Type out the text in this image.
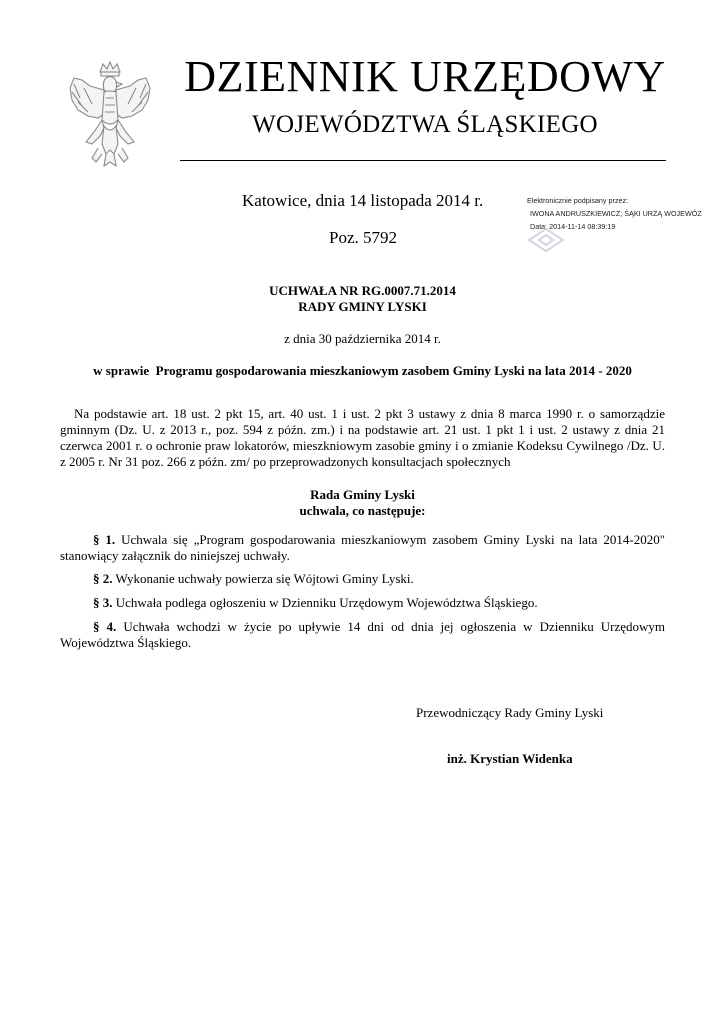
DZIENNIK URZĘDOWY
WOJEWÓDZTWA ŚLĄSKIEGO
Katowice, dnia 14 listopada 2014 r.
Poz. 5792
Elektronicznie podpisany przez:
IWONA ANDRUSZKIEWICZ; ŚĄKI URZĄ WOJEWÓZ
Data: 2014-11-14 08:39:19
UCHWAŁA NR RG.0007.71.2014
RADY GMINY LYSKI
z dnia 30 października 2014 r.
w sprawie  Programu gospodarowania mieszkaniowym zasobem Gminy Lyski na lata 2014 - 2020
Na podstawie art. 18 ust. 2 pkt 15, art. 40 ust. 1 i ust. 2 pkt 3 ustawy z dnia 8 marca 1990 r. o samorządzie gminnym (Dz. U. z 2013 r., poz. 594 z późn. zm.) i na podstawie art. 21 ust. 1 pkt 1 i ust. 2 ustawy z dnia 21 czerwca 2001 r. o ochronie praw lokatorów, mieszkniowym zasobie gminy i o zmianie Kodeksu Cywilnego /Dz. U. z 2005 r. Nr 31 poz. 266 z późn. zm/ po przeprowadzonych konsultacjach społecznych
Rada Gminy Lyski
uchwala, co następuje:
§ 1. Uchwala się „Program gospodarowania mieszkaniowym zasobem Gminy Lyski na lata 2014-2020" stanowiący załącznik do niniejszej uchwały.
§ 2. Wykonanie uchwały powierza się Wójtowi Gminy Lyski.
§ 3. Uchwała podlega ogłoszeniu w Dzienniku Urzędowym Województwa Śląskiego.
§ 4. Uchwała wchodzi w życie po upływie 14 dni od dnia jej ogłoszenia w Dzienniku Urzędowym Województwa Śląskiego.
Przewodniczący Rady Gminy Lyski
inż. Krystian Widenka
